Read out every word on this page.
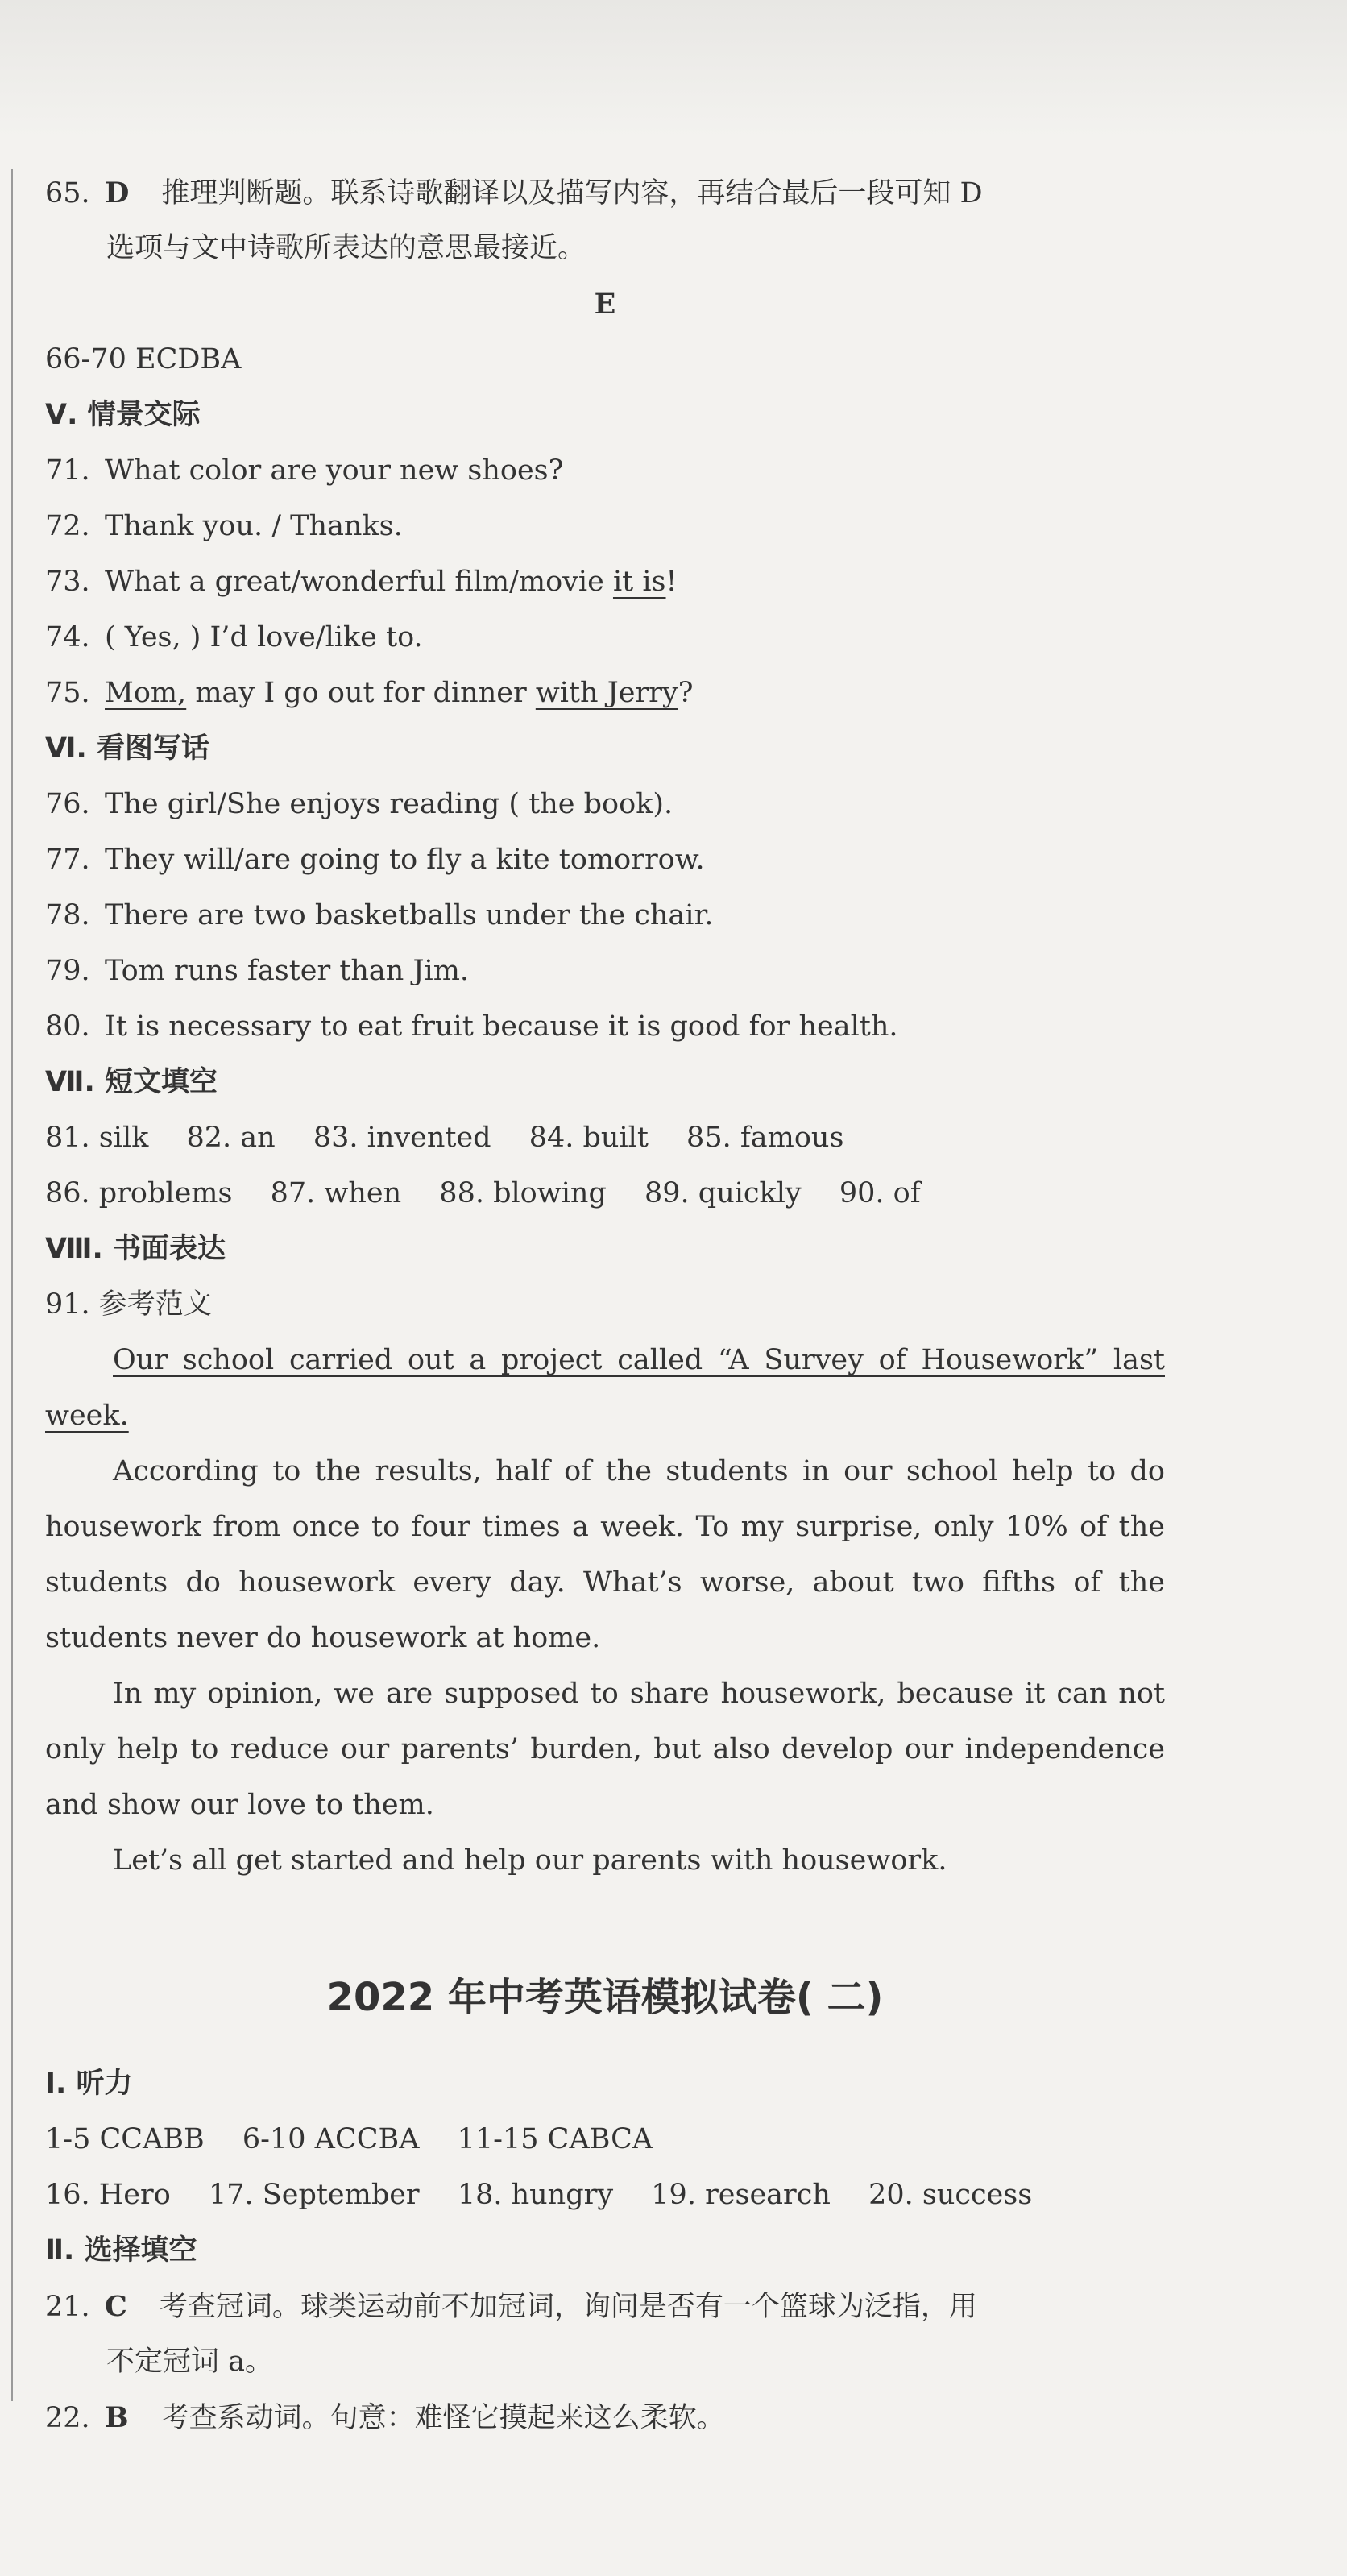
65. D 推理判断题。联系诗歌翻译以及描写内容，再结合最后一段可知 D
选项与文中诗歌所表达的意思最接近。
E
66-70 ECDBA
Ⅴ. 情景交际
71. What color are your new shoes?
72. Thank you. / Thanks.
73. What a great/wonderful film/movie it is!
74. ( Yes, ) I’d love/like to.
75. Mom, may I go out for dinner with Jerry?
Ⅵ. 看图写话
76. The girl/She enjoys reading ( the book).
77. They will/are going to fly a kite tomorrow.
78. There are two basketballs under the chair.
79. Tom runs faster than Jim.
80. It is necessary to eat fruit because it is good for health.
Ⅶ. 短文填空
81. silk 82. an 83. invented 84. built 85. famous
86. problems 87. when 88. blowing 89. quickly 90. of
Ⅷ. 书面表达
91. 参考范文
Our school carried out a project called “A Survey of Housework” last week.
According to the results, half of the students in our school help to do housework from once to four times a week. To my surprise, only 10% of the students do housework every day. What’s worse, about two fifths of the students never do housework at home.
In my opinion, we are supposed to share housework, because it can not only help to reduce our parents’ burden, but also develop our independence and show our love to them.
Let’s all get started and help our parents with housework.
2022 年中考英语模拟试卷( 二)
Ⅰ. 听力
1-5 CCABB 6-10 ACCBA 11-15 CABCA
16. Hero 17. September 18. hungry 19. research 20. success
Ⅱ. 选择填空
21. C 考查冠词。球类运动前不加冠词，询问是否有一个篮球为泛指，用
不定冠词 a。
22. B 考查系动词。句意：难怪它摸起来这么柔软。
